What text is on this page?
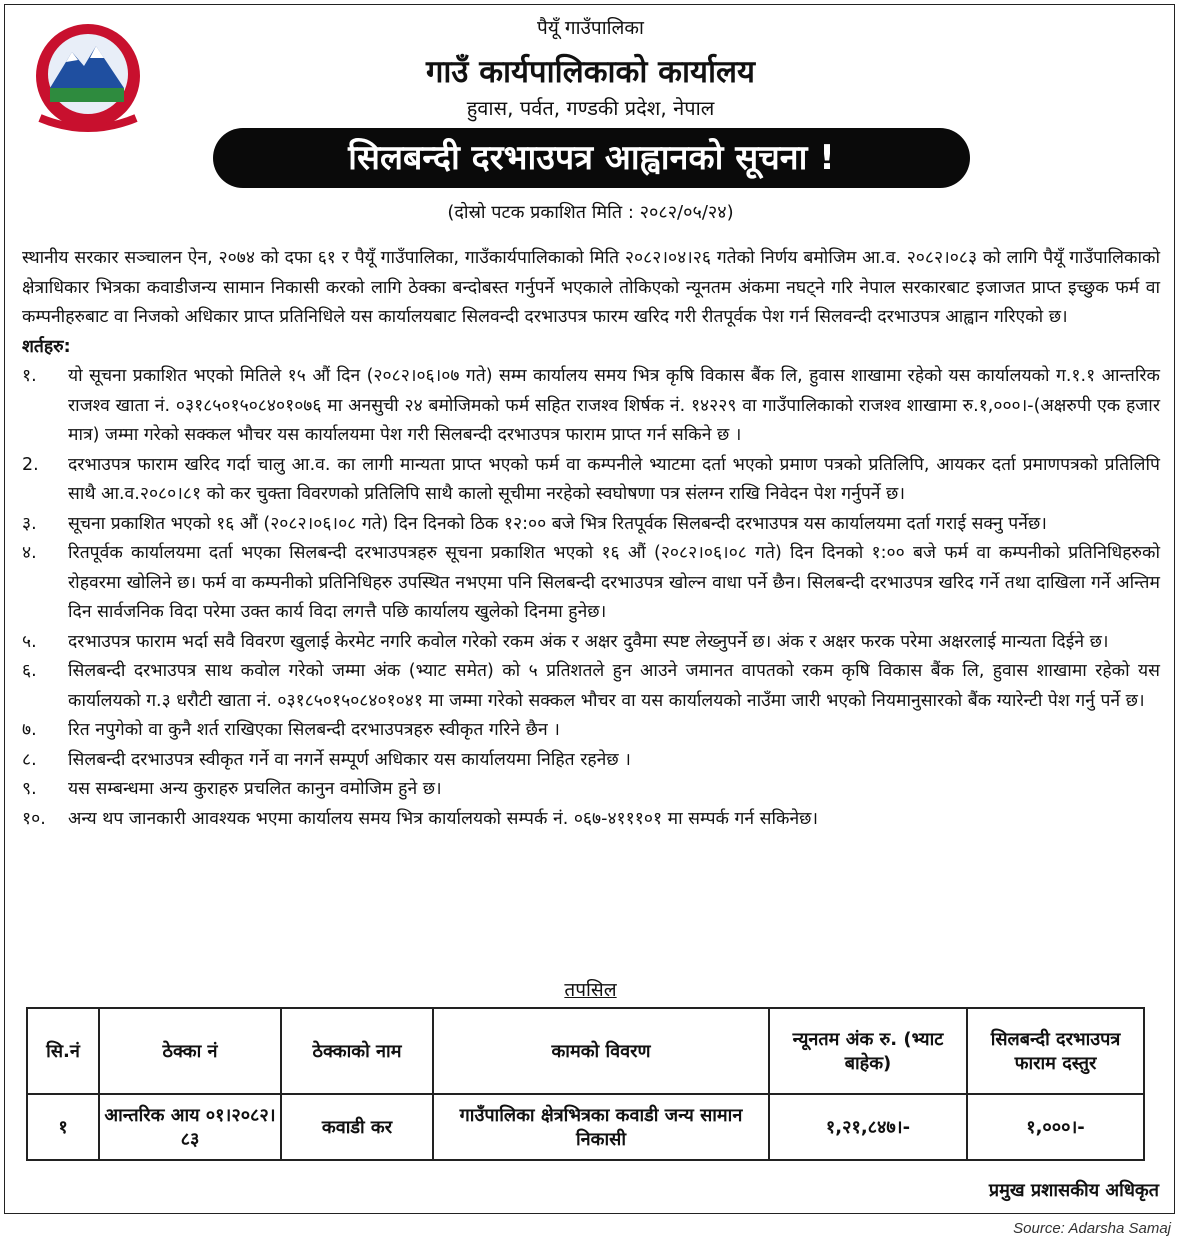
पैयूँ गाउँपालिका
गाउँ कार्यपालिकाको कार्यालय
हुवास, पर्वत, गण्डकी प्रदेश, नेपाल
सिलबन्दी दरभाउपत्र आह्वानको सूचना !
(दोस्रो पटक प्रकाशित मिति : २०८२/०५/२४)
स्थानीय सरकार सञ्चालन ऐन, २०७४ को दफा ६१ र पैयूँ गाउँपालिका, गाउँकार्यपालिकाको मिति २०८२।०४।२६ गतेको निर्णय बमोजिम आ.व. २०८२।०८३ को लागि पैयूँ गाउँपालिकाको क्षेत्राधिकार भित्रका कवाडीजन्य सामान निकासी करको लागि ठेक्का बन्दोबस्त गर्नुपर्ने भएकाले तोकिएको न्यूनतम अंकमा नघट्ने गरि नेपाल सरकारबाट इजाजत प्राप्त इच्छुक फर्म वा कम्पनीहरुबाट वा निजको अधिकार प्राप्त प्रतिनिधिले यस कार्यालयबाट सिलवन्दी दरभाउपत्र फारम खरिद गरी रीतपूर्वक पेश गर्न सिलवन्दी दरभाउपत्र आह्वान गरिएको छ।
शर्तहरु:
१.	यो सूचना प्रकाशित भएको मितिले १५ औं दिन (२०८२।०६।०७ गते) सम्म कार्यालय समय भित्र कृषि विकास बैंक लि, हुवास शाखामा रहेको यस कार्यालयको ग.१.१ आन्तरिक राजश्व खाता नं. ०३१८५०१५०८४०१०७६ मा अनसुची २४ बमोजिमको फर्म सहित राजश्व शिर्षक नं. १४२२९ वा गाउँपालिकाको राजश्व शाखामा रु.१,०००।-(अक्षरुपी एक हजार मात्र) जम्मा गरेको सक्कल भौचर यस कार्यालयमा पेश गरी सिलबन्दी दरभाउपत्र फाराम प्राप्त गर्न सकिने छ ।
2.	दरभाउपत्र फाराम खरिद गर्दा चालु आ.व. का लागी मान्यता प्राप्त भएको फर्म वा कम्पनीले भ्याटमा दर्ता भएको प्रमाण पत्रको प्रतिलिपि, आयकर दर्ता प्रमाणपत्रको प्रतिलिपि साथै आ.व.२०८०।८१ को कर चुक्ता विवरणको प्रतिलिपि साथै कालो सूचीमा नरहेको स्वघोषणा पत्र संलग्न राखि निवेदन पेश गर्नुपर्ने छ।
३.	सूचना प्रकाशित भएको १६ औं (२०८२।०६।०८ गते) दिन दिनको ठिक १२:०० बजे भित्र रितपूर्वक सिलबन्दी दरभाउपत्र यस कार्यालयमा दर्ता गराई सक्नु पर्नेछ।
४.	रितपूर्वक कार्यालयमा दर्ता भएका सिलबन्दी दरभाउपत्रहरु सूचना प्रकाशित भएको १६ औं (२०८२।०६।०८ गते) दिन दिनको १:०० बजे फर्म वा कम्पनीको प्रतिनिधिहरुको रोहवरमा खोलिने छ। फर्म वा कम्पनीको प्रतिनिधिहरु उपस्थित नभएमा पनि सिलबन्दी दरभाउपत्र खोल्न वाधा पर्ने छैन। सिलबन्दी दरभाउपत्र खरिद गर्ने तथा दाखिला गर्ने अन्तिम दिन सार्वजनिक विदा परेमा उक्त कार्य विदा लगत्तै पछि कार्यालय खुलेको दिनमा हुनेछ।
५.	दरभाउपत्र फाराम भर्दा सवै विवरण खुलाई केरमेट नगरि कवोल गरेको रकम अंक र अक्षर दुवैमा स्पष्ट लेख्नुपर्ने छ। अंक र अक्षर फरक परेमा अक्षरलाई मान्यता दिईने छ।
६.	सिलबन्दी दरभाउपत्र साथ कवोल गरेको जम्मा अंक (भ्याट समेत) को ५ प्रतिशतले हुन आउने जमानत वापतको रकम कृषि विकास बैंक लि, हुवास शाखामा रहेको यस कार्यालयको ग.३ धरौटी खाता नं. ०३१८५०१५०८४०१०४१ मा जम्मा गरेको सक्कल भौचर वा यस कार्यालयको नाउँमा जारी भएको नियमानुसारको बैंक ग्यारेन्टी पेश गर्नु पर्ने छ।
७.	रित नपुगेको वा कुनै शर्त राखिएका सिलबन्दी दरभाउपत्रहरु स्वीकृत गरिने छैन ।
८.	सिलबन्दी दरभाउपत्र स्वीकृत गर्ने वा नगर्ने सम्पूर्ण अधिकार यस कार्यालयमा निहित रहनेछ ।
९.	यस सम्बन्धमा अन्य कुराहरु प्रचलित कानुन वमोजिम हुने छ।
१०.	अन्य थप जानकारी आवश्यक भएमा कार्यालय समय भित्र कार्यालयको सम्पर्क नं. ०६७-४१११०१ मा सम्पर्क गर्न सकिनेछ।
तपसिल
सि.नं	ठेक्का नं	ठेक्काको नाम	कामको विवरण	न्यूनतम अंक रु. (भ्याट बाहेक)	सिलबन्दी दरभाउपत्र फाराम दस्तुर
१	आन्तरिक आय ०१।२०८२।८३	कवाडी कर	गाउँपालिका क्षेत्रभित्रका कवाडी जन्य सामान निकासी	१,२१,८४७।-	१,०००।-
प्रमुख प्रशासकीय अधिकृत
Source: Adarsha Samaj
